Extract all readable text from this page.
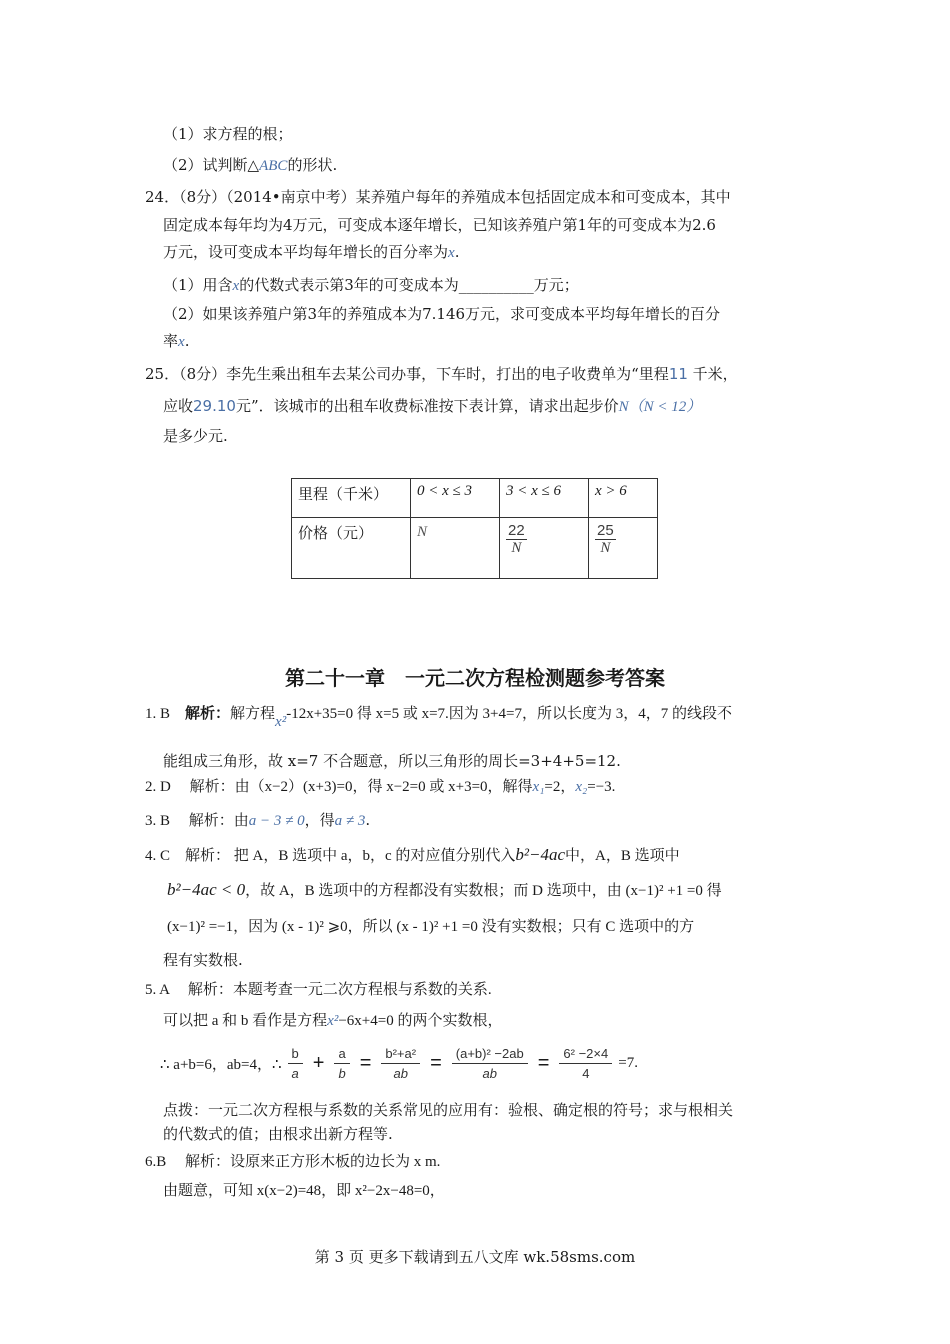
（1）求方程的根；
（2）试判断△ABC的形状.
24．（8分）（2014•南京中考）某养殖户每年的养殖成本包括固定成本和可变成本，其中
固定成本每年均为4万元，可变成本逐年增长，已知该养殖户第1年的可变成本为2.6
万元，设可变成本平均每年增长的百分率为x.
（1）用含x的代数式表示第3年的可变成本为__________万元；
（2）如果该养殖户第3年的养殖成本为7.146万元，求可变成本平均每年增长的百分
率x.
25．（8分）李先生乘出租车去某公司办事，下车时，打出的电子收费单为“里程11 千米，
应收29.10元”．该城市的出租车收费标准按下表计算，请求出起步价N（N < 12）
是多少元.
里程（千米）	0 < x ≤ 3	3 < x ≤ 6	x > 6
价格（元）	N	$\frac{22}{N}$	$\frac{25}{N}$
第二十一章　一元二次方程检测题参考答案
1. B　解析：解方程x²-12x+35=0 得 x=5 或 x=7.因为 3+4=7，所以长度为 3，4，7 的线段不
能组成三角形，故 x=7 不合题意，所以三角形的周长=3+4+5=12.
2. D　 解析：由（x−2）(x+3)=0，得 x−2=0 或 x+3=0，解得x₁=2，x₂=−3.
3. B　 解析：由a − 3 ≠ 0，得a ≠ 3.
4. C　解析： 把 A，B 选项中 a，b，c 的对应值分别代入b²−4ac中，A，B 选项中
b²−4ac < 0，故 A，B 选项中的方程都没有实数根；而 D 选项中，由 (x−1)² +1 =0 得
(x−1)² =−1，因为 (x - 1)² ⩾0，所以 (x - 1)² +1 =0 没有实数根；只有 C 选项中的方
程有实数根.
5. A　 解析：本题考查一元二次方程根与系数的关系.
可以把 a 和 b 看作是方程x²−6x+4=0 的两个实数根，
∴ a+b=6，ab=4，∴
b
$a + \frac{a}{b} = \frac{\text{b²+a²}}{ab} = \frac{\text{(a+b)² −2ab}}{ab} = \frac{\text{6² −2×4}}{4} =7$.
点拨：一元二次方程根与系数的关系常见的应用有：验根、确定根的符号；求与根相关
的代数式的值；由根求出新方程等.
6.B　 解析：设原来正方形木板的边长为 x m.
由题意，可知 x(x−2)=48，即 x²−2x−48=0，
第 3 页 更多下载请到五八文库 wk.58sms.com
